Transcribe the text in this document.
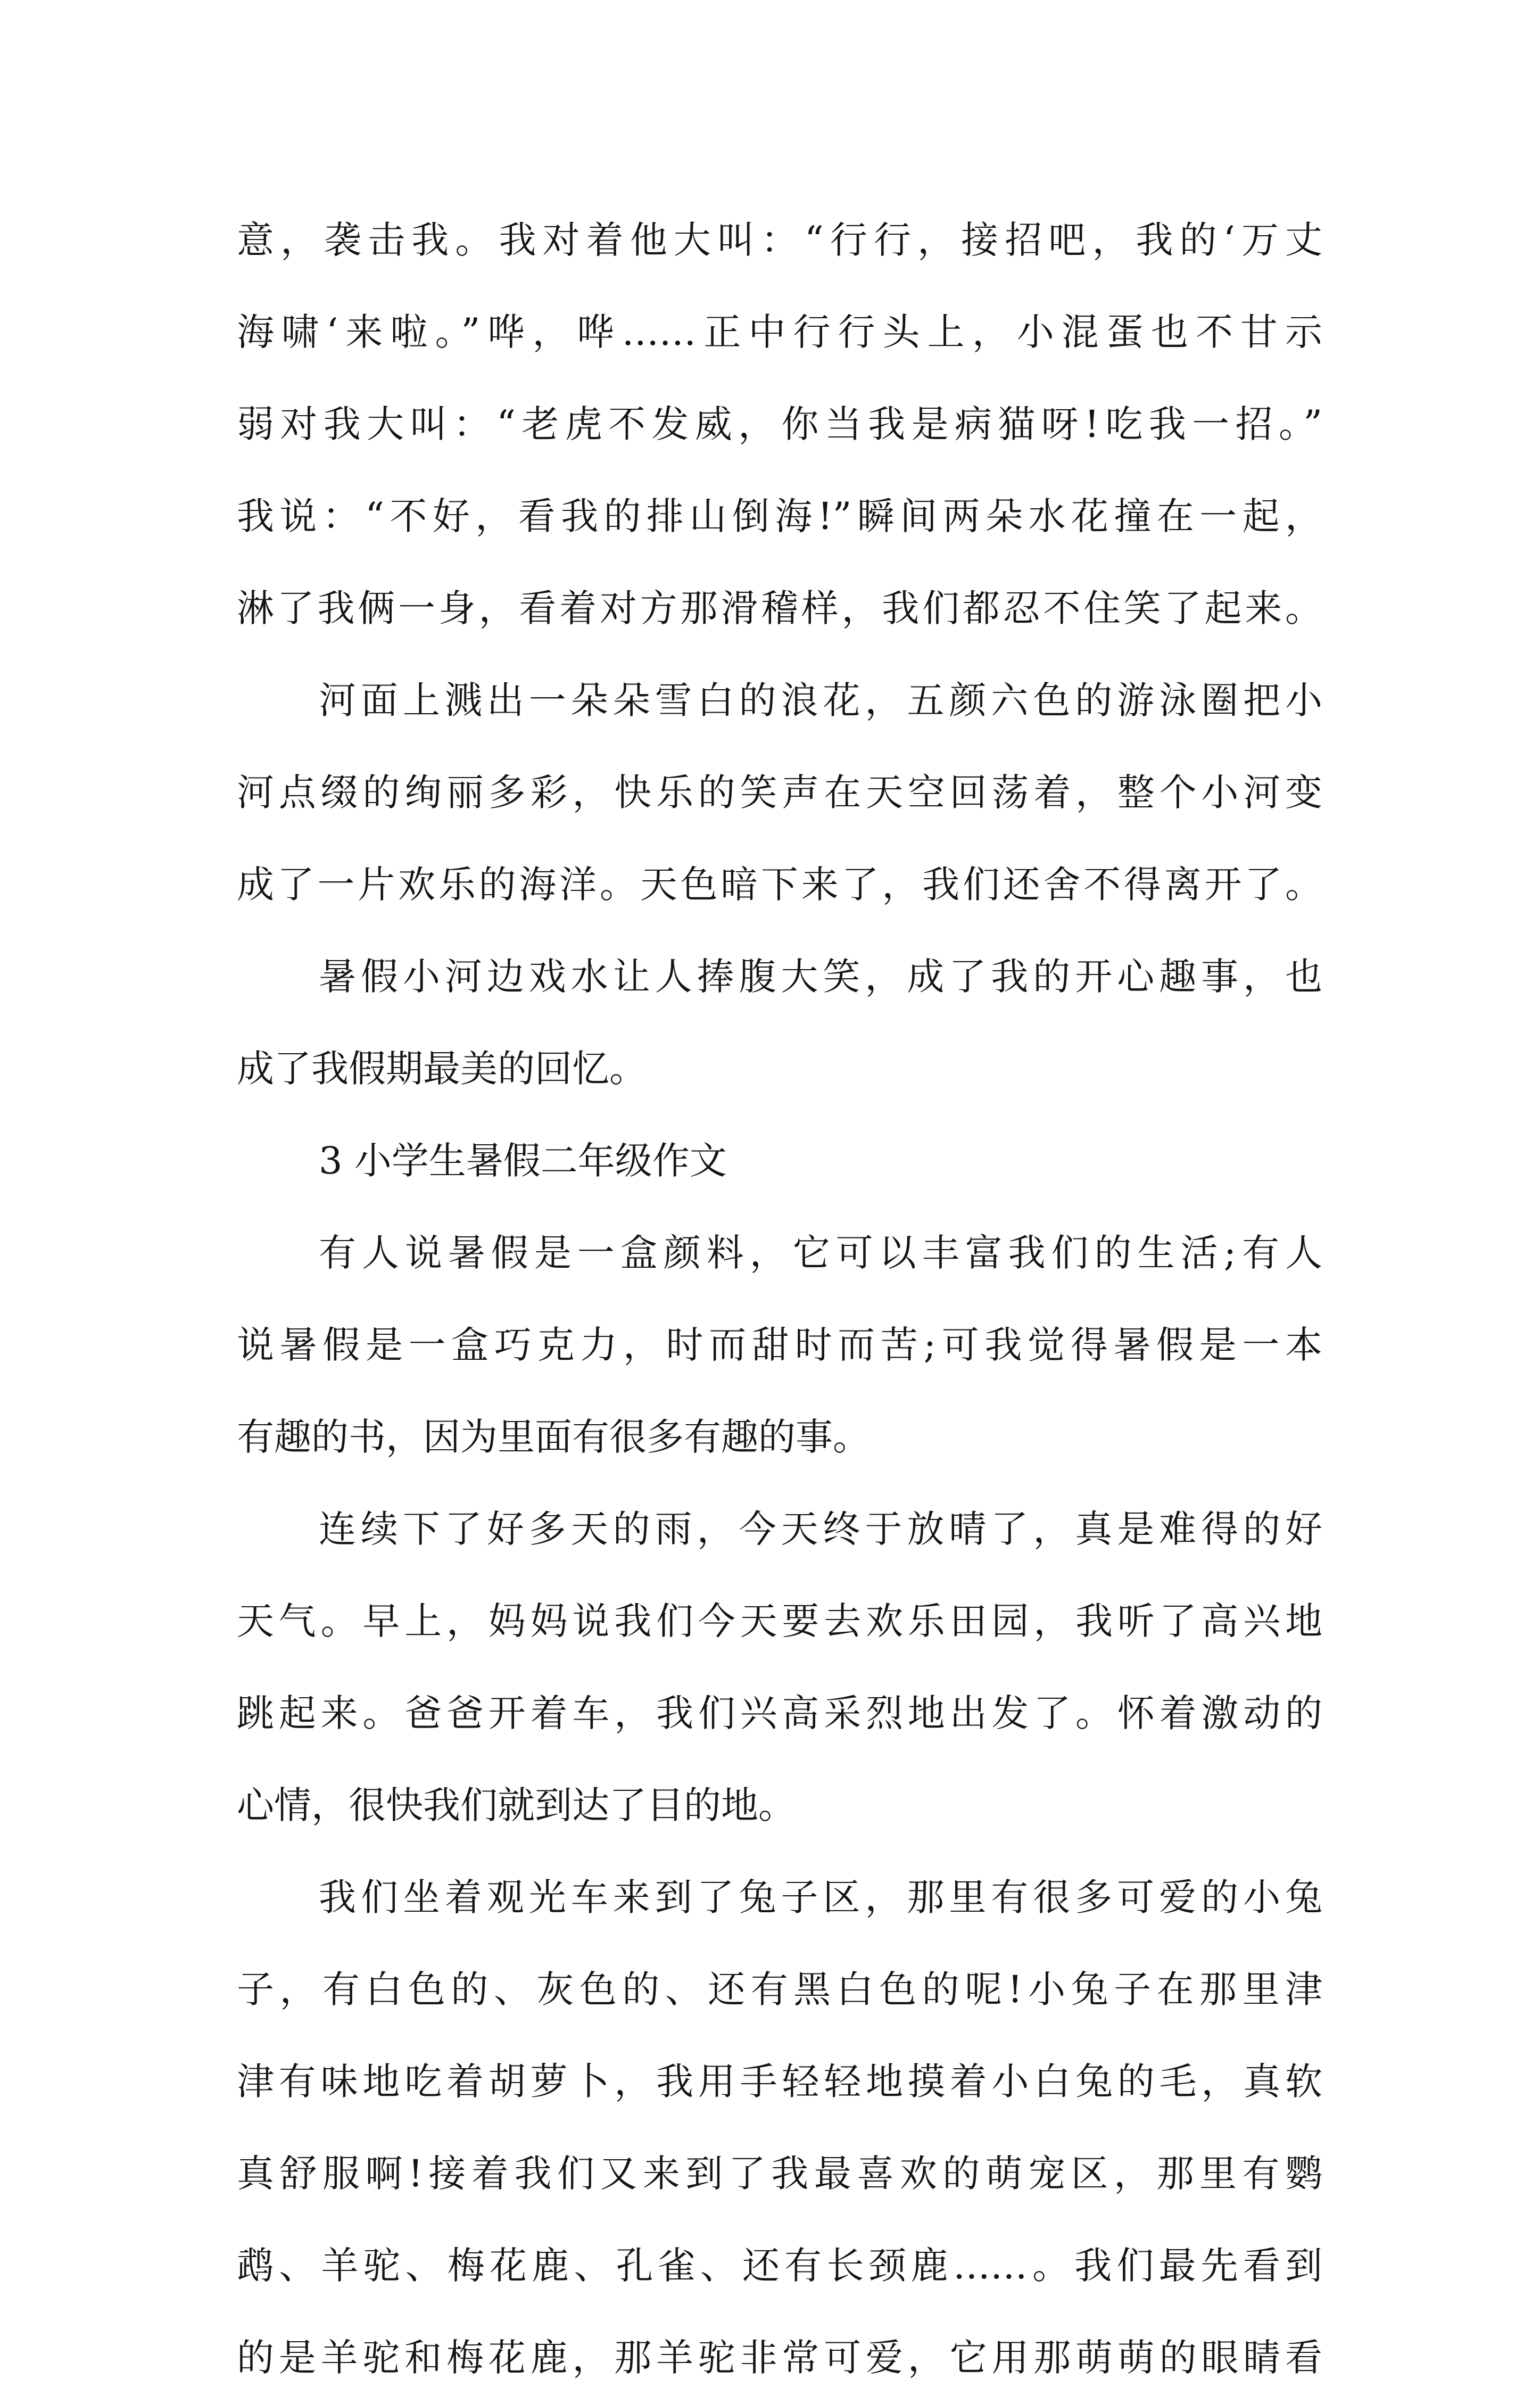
意，袭击我。我对着他大叫：“行行，接招吧，我的‘万丈
海啸‘来啦。”哗，哗……正中行行头上，小混蛋也不甘示
弱对我大叫：“老虎不发威，你当我是病猫呀!吃我一招。”
我说：“不好，看我的排山倒海!”瞬间两朵水花撞在一起，
淋了我俩一身，看着对方那滑稽样，我们都忍不住笑了起来。
河面上溅出一朵朵雪白的浪花，五颜六色的游泳圈把小
河点缀的绚丽多彩，快乐的笑声在天空回荡着，整个小河变
成了一片欢乐的海洋。天色暗下来了，我们还舍不得离开了。
暑假小河边戏水让人捧腹大笑，成了我的开心趣事，也
成了我假期最美的回忆。
3 小学生暑假二年级作文
有人说暑假是一盒颜料，它可以丰富我们的生活;有人
说暑假是一盒巧克力，时而甜时而苦;可我觉得暑假是一本
有趣的书，因为里面有很多有趣的事。
连续下了好多天的雨，今天终于放晴了，真是难得的好
天气。早上，妈妈说我们今天要去欢乐田园，我听了高兴地
跳起来。爸爸开着车，我们兴高采烈地出发了。怀着激动的
心情，很快我们就到达了目的地。
我们坐着观光车来到了兔子区，那里有很多可爱的小兔
子，有白色的、灰色的、还有黑白色的呢!小兔子在那里津
津有味地吃着胡萝卜，我用手轻轻地摸着小白兔的毛，真软
真舒服啊!接着我们又来到了我最喜欢的萌宠区，那里有鹦
鹉、羊驼、梅花鹿、孔雀、还有长颈鹿……。我们最先看到
的是羊驼和梅花鹿，那羊驼非常可爱，它用那萌萌的眼睛看
